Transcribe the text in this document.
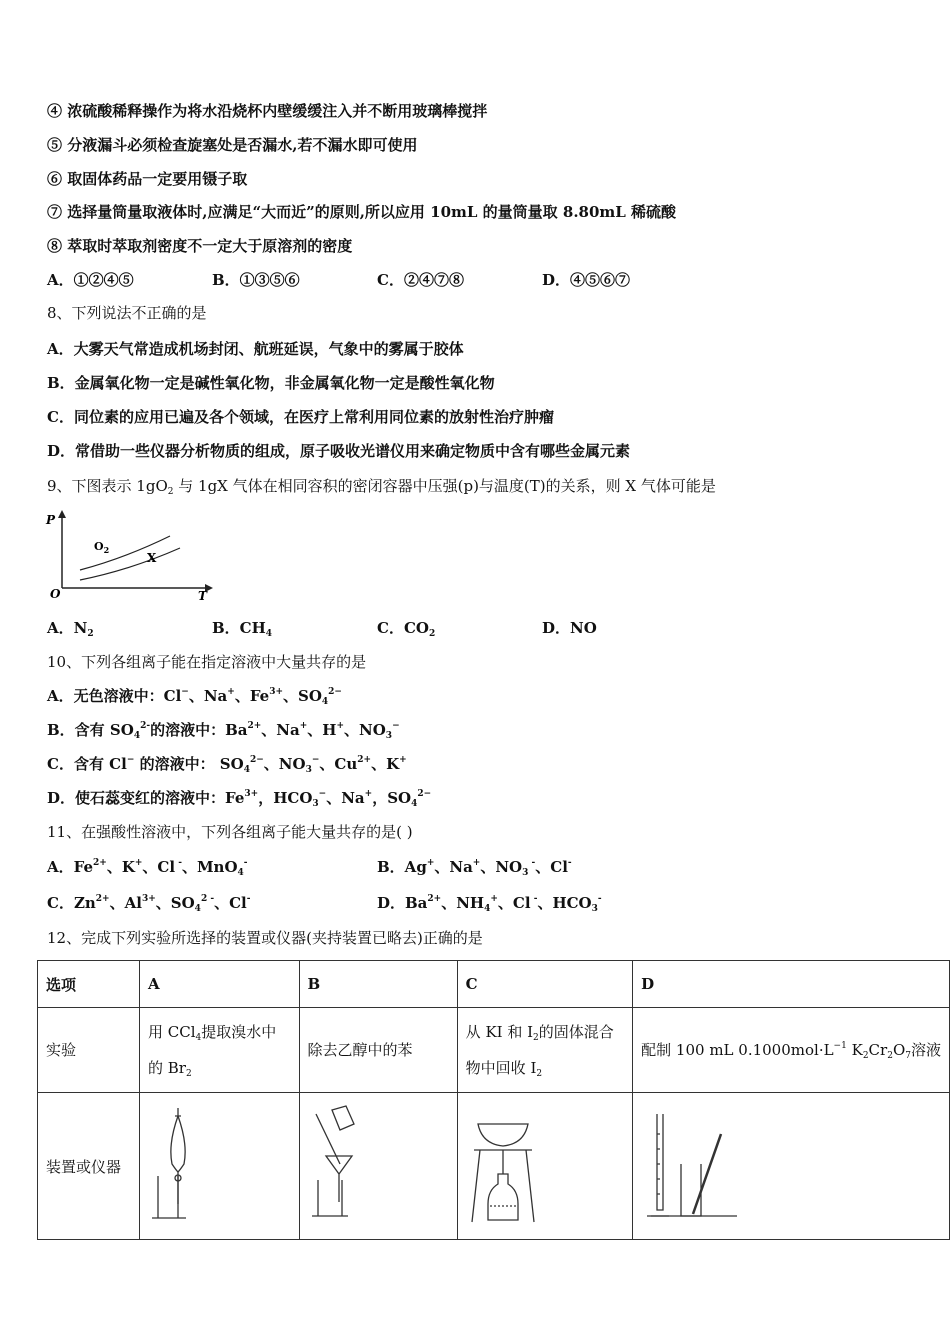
④ 浓硫酸稀释操作为将水沿烧杯内壁缓缓注入并不断用玻璃棒搅拌
⑤ 分液漏斗必须检查旋塞处是否漏水,若不漏水即可使用
⑥ 取固体药品一定要用镊子取
⑦ 选择量筒量取液体时,应满足“大而近”的原则,所以应用 10mL 的量筒量取 8.80mL 稀硫酸
⑧ 萃取时萃取剂密度不一定大于原溶剂的密度
A．①②④⑤	B．①③⑤⑥	C．②④⑦⑧	D．④⑤⑥⑦
8、下列说法不正确的是
A．大雾天气常造成机场封闭、航班延误，气象中的雾属于胶体
B．金属氧化物一定是碱性氧化物，非金属氧化物一定是酸性氧化物
C．同位素的应用已遍及各个领域，在医疗上常利用同位素的放射性治疗肿瘤
D．常借助一些仪器分析物质的组成，原子吸收光谱仪用来确定物质中含有哪些金属元素
9、下图表示 $1gO_2$ 与 1gX 气体在相同容积的密闭容器中压强(p)与温度(T)的关系，则 X 气体可能是
A．$N_2$	B．$CH_4$	C．$CO_2$	D．NO
10、下列各组离子能在指定溶液中大量共存的是
A．无色溶液中：Cl−、Na+、$Fe^{3+}$、$SO_4^{2-}$
B．含有 $SO_4^{2-}$的溶液中：$Ba^{2+}$、Na+、H+、$NO_3^-$
C．含有 Cl− 的溶液中： $SO_4^{2-}$、$NO_3^-$、$Cu^{2+}$、K+
D．使石蕊变红的溶液中：$Fe^{3+}$，$HCO_3^-$、Na+，$SO_4^{2-}$
11、在强酸性溶液中，下列各组离子能大量共存的是( )
A．$Fe^{2+}$、K+、Cl -、MnO$_4$-	B．Ag+、Na+、$NO_3$ -、Cl-
C．$Zn^{2+}$、$Al^{3+}$、$SO_4^{2 -}$、Cl-	D．$Ba^{2+}$、$NH_4^+$、Cl -、$HCO_3^-$
12、完成下列实验所选择的装置或仪器(夹持装置已略去)正确的是
P
O	T
$O_2$
X
选项	A	B	C	D
实验	用 CCl$_4$提取溴水中的 $Br_2$	除去乙醇中的苯	从 KI 和 $I_2$的固体混合物中回收 $I_2$	配制 100 mL $0.1000mol\cdot L^{-1}$ $K_2Cr_2O_7$溶液
装置或仪器				
